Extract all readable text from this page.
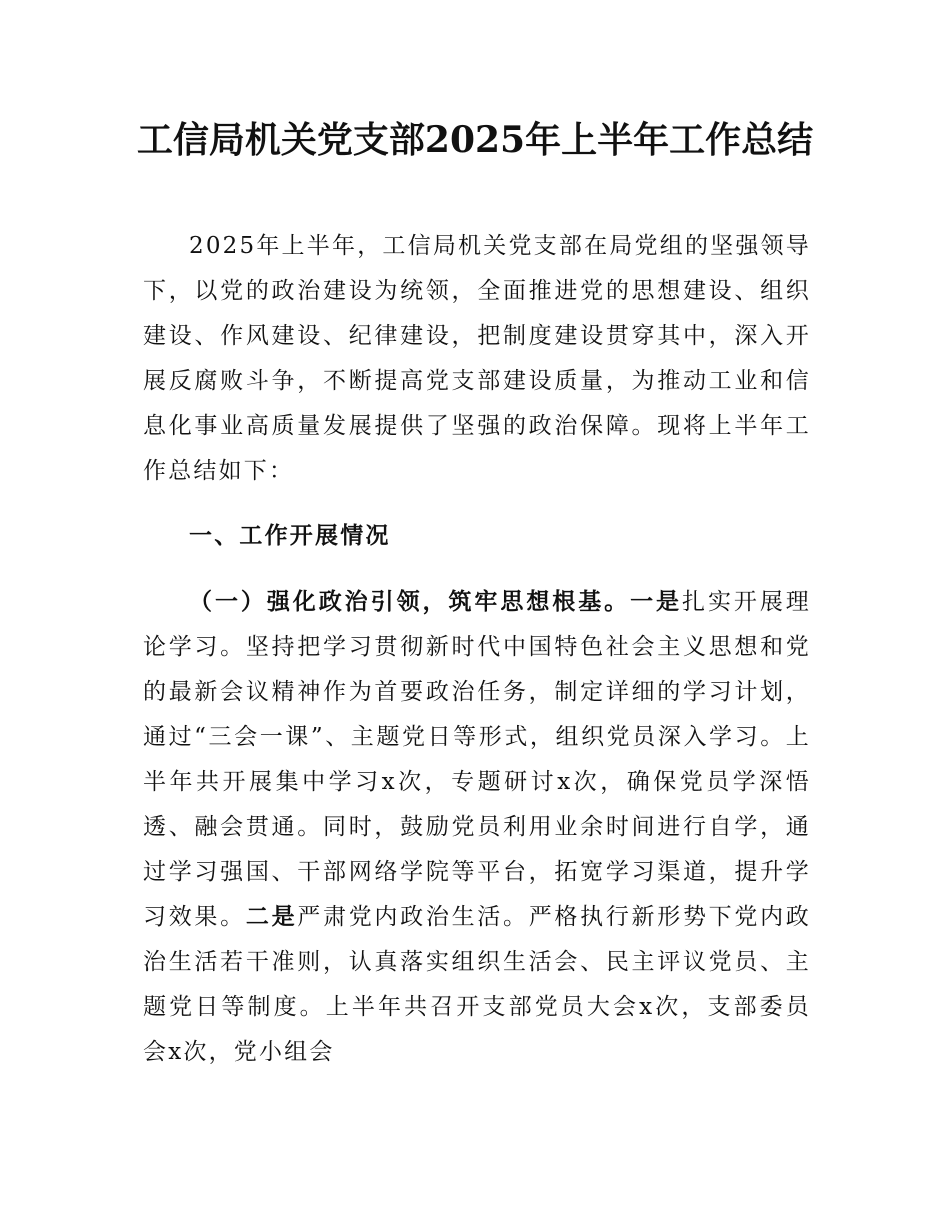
工信局机关党支部2025年上半年工作总结

2025年上半年，工信局机关党支部在局党组的坚强领导下，以党的政治建设为统领，全面推进党的思想建设、组织建设、作风建设、纪律建设，把制度建设贯穿其中，深入开展反腐败斗争，不断提高党支部建设质量，为推动工业和信息化事业高质量发展提供了坚强的政治保障。现将上半年工作总结如下：

一、工作开展情况

（一）强化政治引领，筑牢思想根基。一是扎实开展理论学习。坚持把学习贯彻新时代中国特色社会主义思想和党的最新会议精神作为首要政治任务，制定详细的学习计划，通过“三会一课”、主题党日等形式，组织党员深入学习。上半年共开展集中学习x次，专题研讨x次，确保党员学深悟透、融会贯通。同时，鼓励党员利用业余时间进行自学，通过学习强国、干部网络学院等平台，拓宽学习渠道，提升学习效果。二是严肃党内政治生活。严格执行新形势下党内政治生活若干准则，认真落实组织生活会、民主评议党员、主题党日等制度。上半年共召开支部党员大会x次，支部委员会x次，党小组会
